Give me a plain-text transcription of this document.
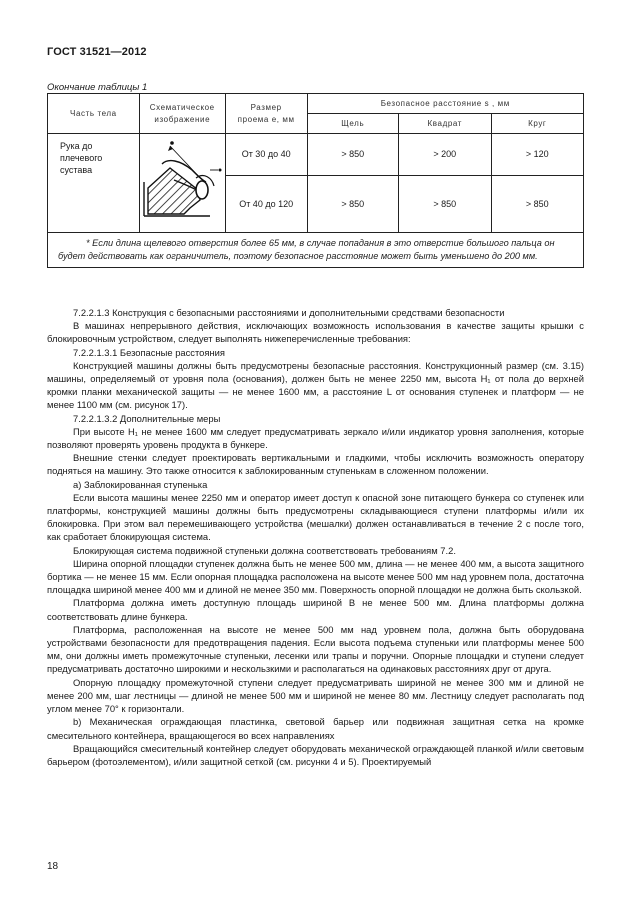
ГОСТ 31521—2012
Окончание таблицы 1
Часть тела	Схематическое изображение	Размер проема e, мм	Безопасное расстояние s , мм		
			Щель	Квадрат	Круг
Рука до плечевого сустава		От 30 до 40	> 850	> 200	> 120
		От 40 до 120	> 850	> 850	> 850

* Если длина щелевого отверстия более 65 мм, в случае попадания в это отверстие большого пальца он будет действовать как ограничитель, поэтому безопасное расстояние может быть уменьшено до 200 мм.					

7.2.2.1.3 Конструкция с безопасными расстояниями и дополнительными средствами безопасности

В машинах непрерывного действия, исключающих возможность использования в качестве защиты крышки с блокировочным устройством, следует выполнять нижеперечисленные требования:

7.2.2.1.3.1 Безопасные расстояния

Конструкцией машины должны быть предусмотрены безопасные расстояния. Конструкционный размер (см. 3.15) машины, определяемый от уровня пола (основания), должен быть не менее 2250 мм, высота H₁ от пола до верхней кромки планки механической защиты — не менее 1600 мм, а расстояние L от основания ступенек и платформ — не менее 1100 мм (см. рисунок 17).

7.2.2.1.3.2 Дополнительные меры

При высоте H₁ не менее 1600 мм следует предусматривать зеркало и/или индикатор уровня заполнения, которые позволяют проверять уровень продукта в бункере.

Внешние стенки следует проектировать вертикальными и гладкими, чтобы исключить возможность оператору подняться на машину. Это также относится к заблокированным ступенькам в сложенном положении.

а) Заблокированная ступенька

Если высота машины менее 2250 мм и оператор имеет доступ к опасной зоне питающего бункера со ступенек или платформы, конструкцией машины должны быть предусмотрены складывающиеся ступени платформы и/или их блокировка. При этом вал перемешивающего устройства (мешалки) должен останавливаться в течение 2 с после того, как сработает блокирующая система.

Блокирующая система подвижной ступеньки должна соответствовать требованиям 7.2.

Ширина опорной площадки ступенек должна быть не менее 500 мм, длина — не менее 400 мм, а высота защитного бортика — не менее 15 мм. Если опорная площадка расположена на высоте менее 500 мм над уровнем пола, достаточна площадка шириной менее 400 мм и длиной не менее 350 мм. Поверхность опорной площадки не должна быть скользкой.

Платформа должна иметь доступную площадь шириной B не менее 500 мм. Длина платформы должна соответствовать длине бункера.

Платформа, расположенная на высоте не менее 500 мм над уровнем пола, должна быть оборудована устройствами безопасности для предотвращения падения. Если высота подъема ступеньки или платформы менее 500 мм, они должны иметь промежуточные ступеньки, лесенки или трапы и поручни. Опорные площадки и ступени следует предусматривать достаточно широкими и нескользкими и располагаться на одинаковых расстояниях друг от друга.

Опорную площадку промежуточной ступени следует предусматривать шириной не менее 300 мм и длиной не менее 200 мм, шаг лестницы — длиной не менее 500 мм и шириной не менее 80 мм. Лестницу следует располагать под углом менее 70° к горизонтали.

b) Механическая ограждающая пластинка, световой барьер или подвижная защитная сетка на кромке смесительного контейнера, вращающегося во всех направлениях

Вращающийся смесительный контейнер следует оборудовать механической ограждающей планкой и/или световым барьером (фотоэлементом), и/или защитной сеткой (см. рисунки 4 и 5). Проектируемый

18
